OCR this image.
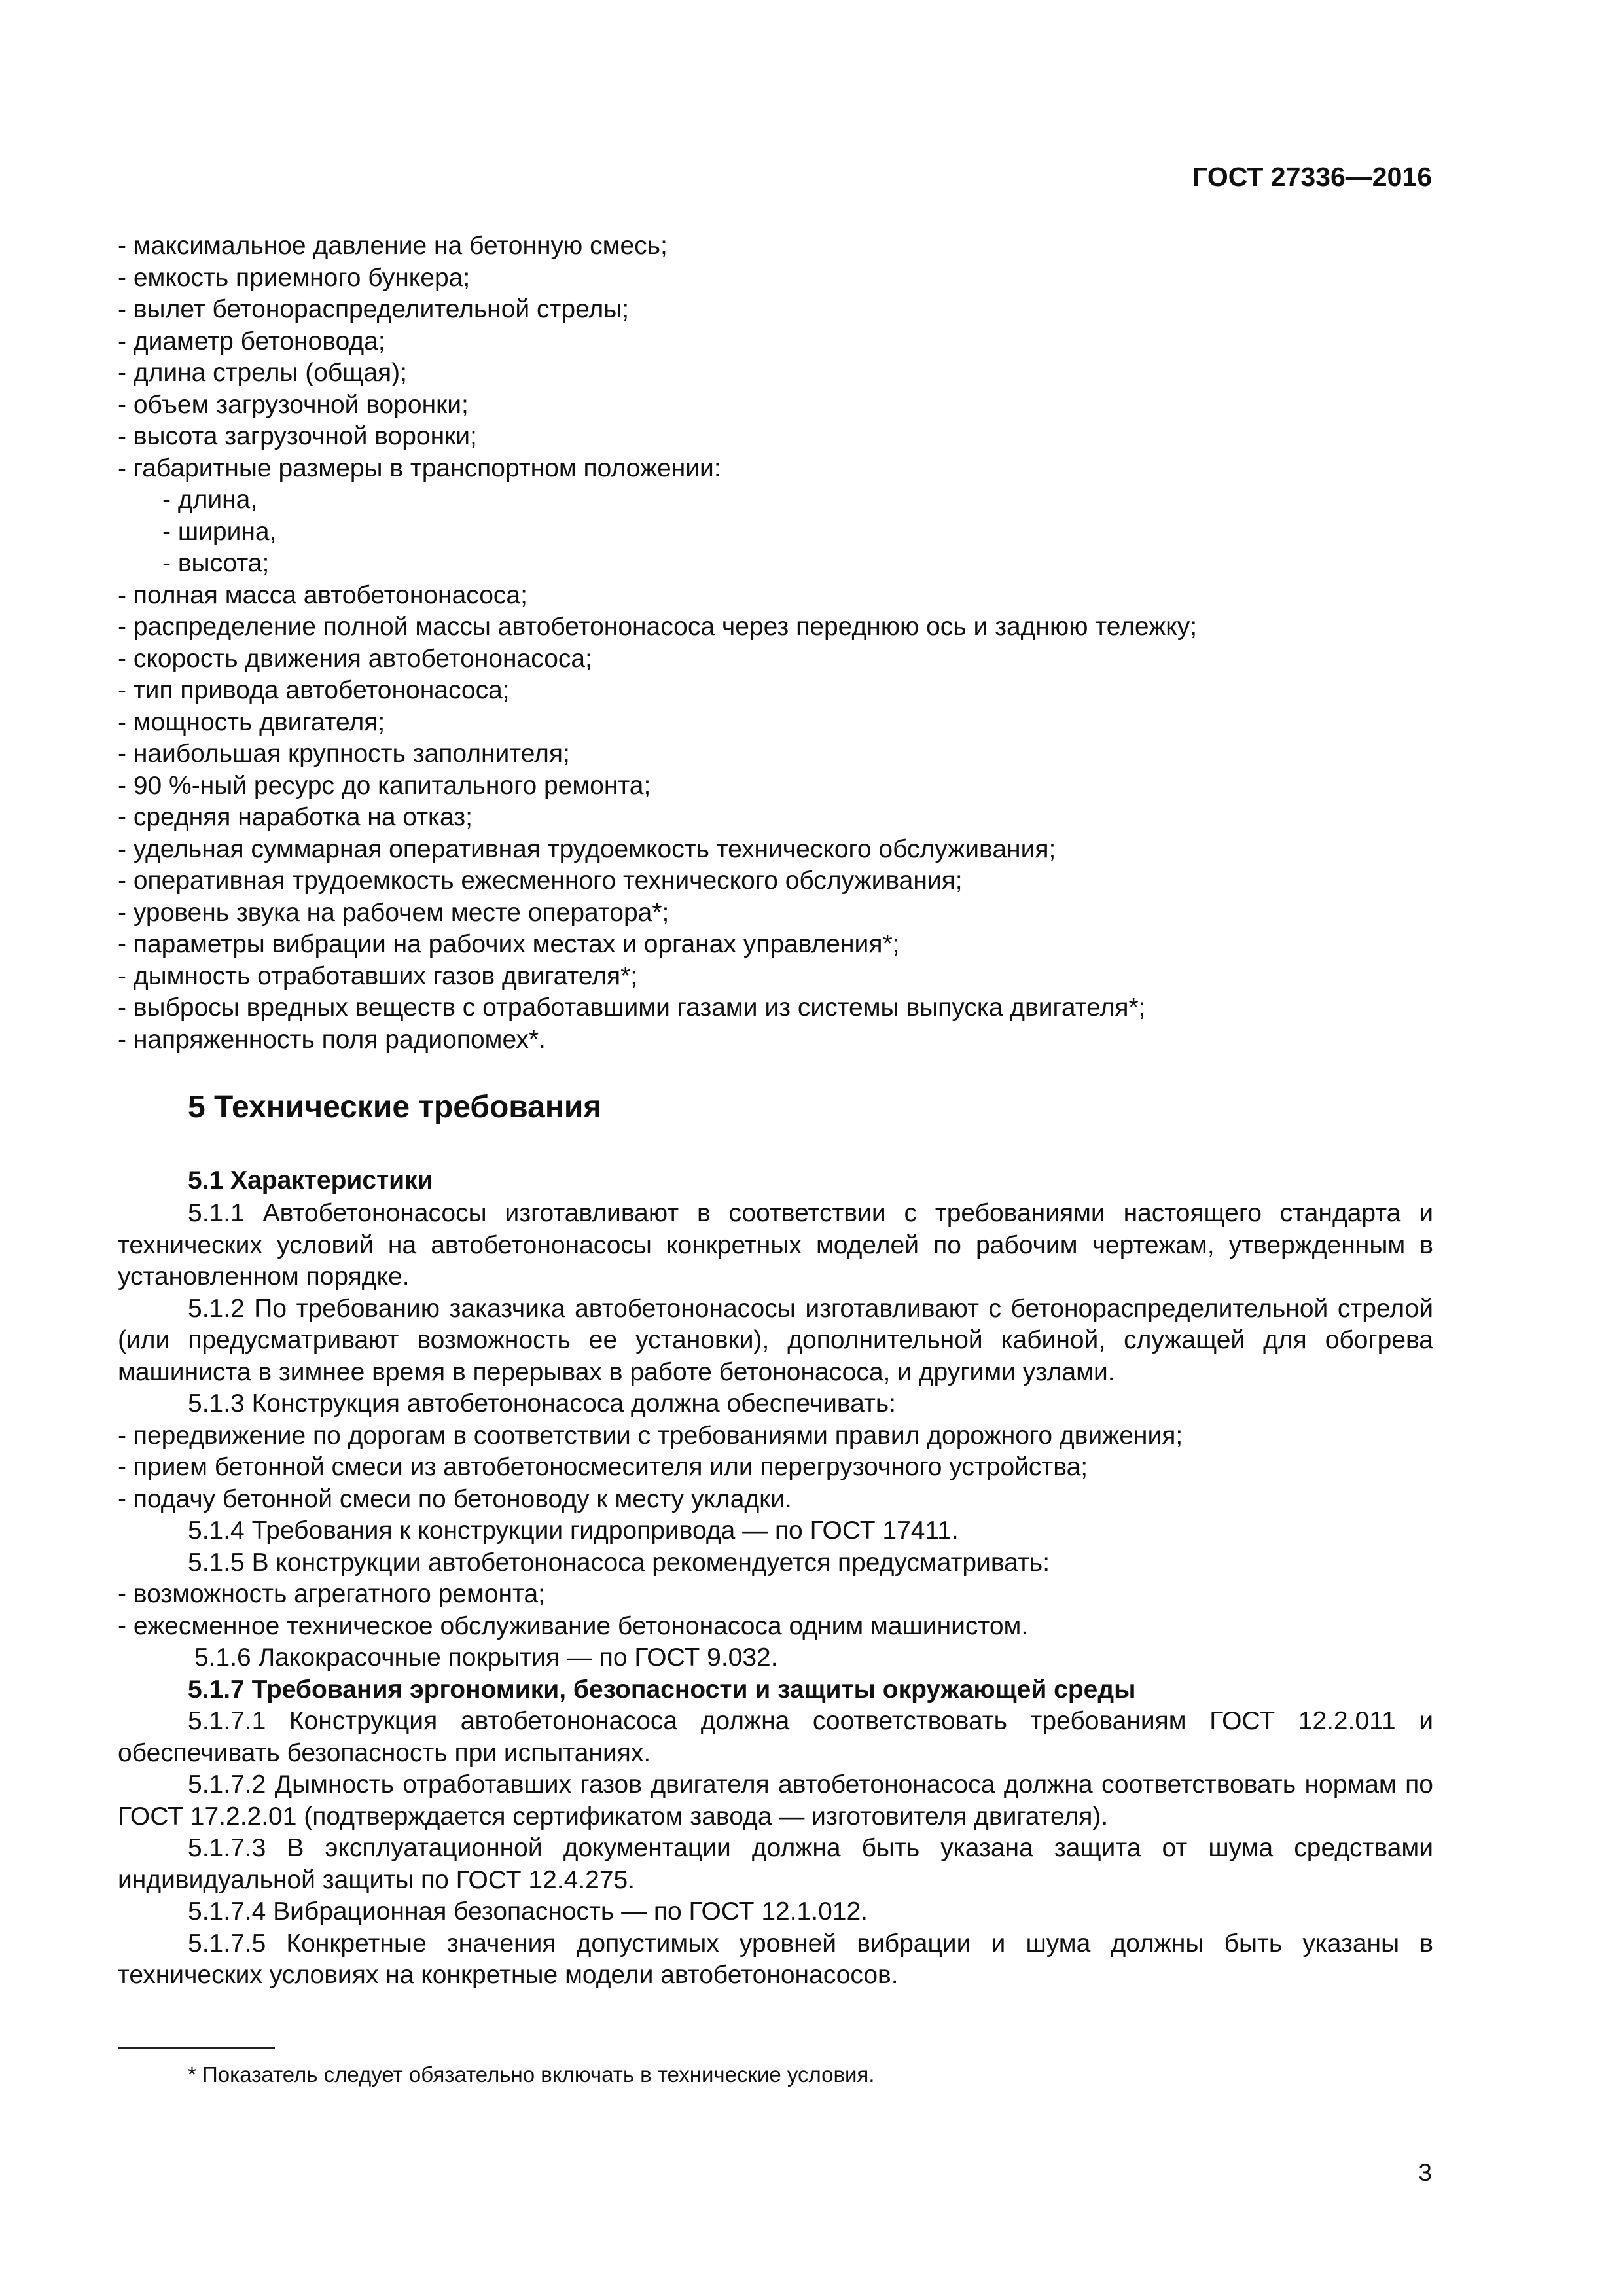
ГОСТ 27336—2016
- максимальное давление на бетонную смесь;
- емкость приемного бункера;
- вылет бетонораспределительной стрелы;
- диаметр бетоновода;
- длина стрелы (общая);
- объем загрузочной воронки;
- высота загрузочной воронки;
- габаритные размеры в транспортном положении:
- длина,
- ширина,
- высота;
- полная масса автобетононасоса;
- распределение полной массы автобетононасоса через переднюю ось и заднюю тележку;
- скорость движения автобетононасоса;
- тип привода автобетононасоса;
- мощность двигателя;
- наибольшая крупность заполнителя;
- 90 %-ный ресурс до капитального ремонта;
- средняя наработка на отказ;
- удельная суммарная оперативная трудоемкость технического обслуживания;
- оперативная трудоемкость ежесменного технического обслуживания;
- уровень звука на рабочем месте оператора*;
- параметры вибрации на рабочих местах и органах управления*;
- дымность отработавших газов двигателя*;
- выбросы вредных веществ с отработавшими газами из системы выпуска двигателя*;
- напряженность поля радиопомех*.
5 Технические требования
5.1 Характеристики
5.1.1 Автобетононасосы изготавливают в соответствии с требованиями настоящего стандарта и технических условий на автобетононасосы конкретных моделей по рабочим чертежам, утвержденным в установленном порядке.
5.1.2 По требованию заказчика автобетононасосы изготавливают с бетонораспределительной стрелой (или предусматривают возможность ее установки), дополнительной кабиной, служащей для обогрева машиниста в зимнее время в перерывах в работе бетононасоса, и другими узлами.
5.1.3 Конструкция автобетононасоса должна обеспечивать:
- передвижение по дорогам в соответствии с требованиями правил дорожного движения;
- прием бетонной смеси из автобетоносмесителя или перегрузочного устройства;
- подачу бетонной смеси по бетоноводу к месту укладки.
5.1.4 Требования к конструкции гидропривода — по ГОСТ 17411.
5.1.5 В конструкции автобетононасоса рекомендуется предусматривать:
- возможность агрегатного ремонта;
- ежесменное техническое обслуживание бетононасоса одним машинистом.
5.1.6 Лакокрасочные покрытия — по ГОСТ 9.032.
5.1.7 Требования эргономики, безопасности и защиты окружающей среды
5.1.7.1 Конструкция автобетононасоса должна соответствовать требованиям ГОСТ 12.2.011 и обеспечивать безопасность при испытаниях.
5.1.7.2 Дымность отработавших газов двигателя автобетононасоса должна соответствовать нормам по ГОСТ 17.2.2.01 (подтверждается сертификатом завода — изготовителя двигателя).
5.1.7.3 В эксплуатационной документации должна быть указана защита от шума средствами индивидуальной защиты по ГОСТ 12.4.275.
5.1.7.4 Вибрационная безопасность — по ГОСТ 12.1.012.
5.1.7.5 Конкретные значения допустимых уровней вибрации и шума должны быть указаны в технических условиях на конкретные модели автобетононасосов.
* Показатель следует обязательно включать в технические условия.
3
